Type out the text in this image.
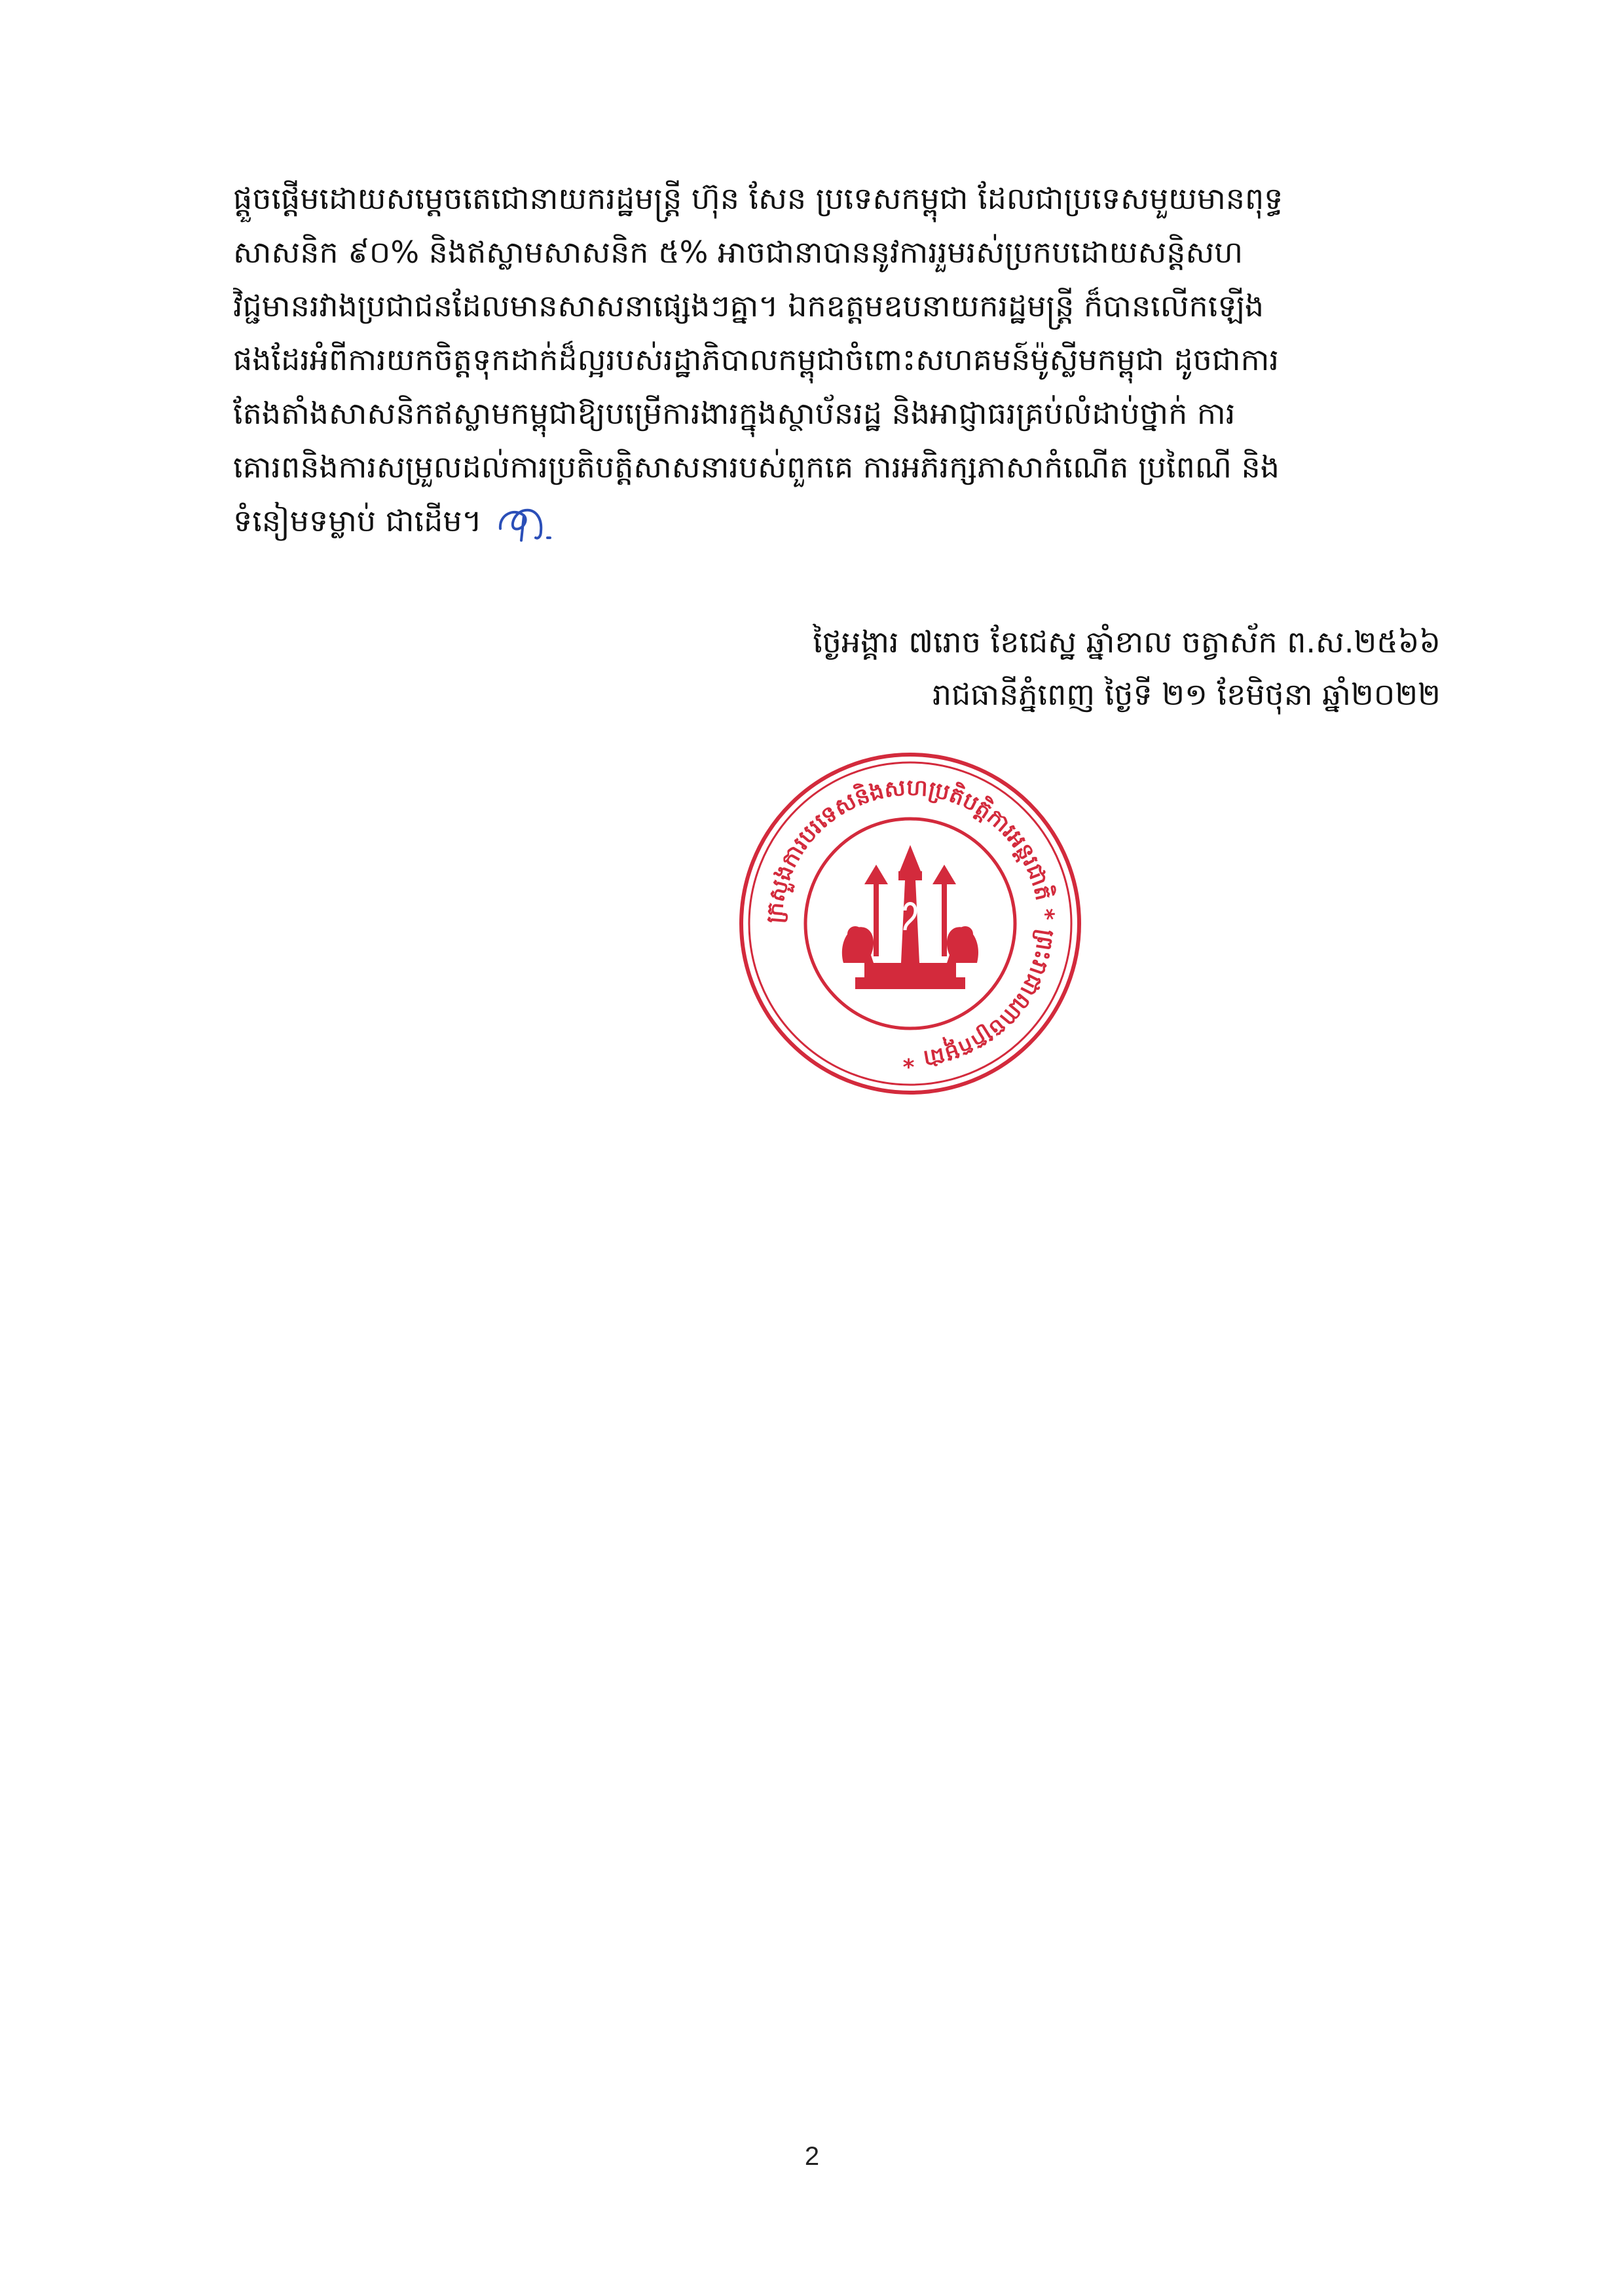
ផ្ដួចផ្ដើមដោយសម្ដេចតេជោនាយករដ្ឋមន្ត្រី ហ៊ុន សែន ប្រទេសកម្ពុជា ដែលជាប្រទេសមួយមានពុទ្ធ
សាសនិក ៩០% និងឥស្លាមសាសនិក ៥% អាចជានាបាននូវការរួមរស់ប្រកបដោយសន្តិសហ
វិជ្ជមានរវាងប្រជាជនដែលមានសាសនាផ្សេងៗគ្នា។ ឯកឧត្ដមឧបនាយករដ្ឋមន្ត្រី ក៏បានលើកឡើង
ផងដែរអំពីការយកចិត្តទុកដាក់ដ៏ល្អរបស់រដ្ឋាភិបាលកម្ពុជាចំពោះសហគមន៍ម៉ូស្លីមកម្ពុជា ដូចជាការ
តែងតាំងសាសនិកឥស្លាមកម្ពុជាឱ្យបម្រើការងារក្នុងស្ថាប័នរដ្ឋ និងអាជ្ញាធរគ្រប់លំដាប់ថ្នាក់ ការ
គោរពនិងការសម្រួលដល់ការប្រតិបត្តិសាសនារបស់ពួកគេ ការអភិរក្សភាសាកំណើត ប្រពៃណី និង
ទំនៀមទម្លាប់ ជាដើម។
ថ្ងៃអង្គារ ៧រោច ខែជេស្ឋ ឆ្នាំខាល ចត្វាស័ក ព.ស.២៥៦៦
រាជធានីភ្នំពេញ ថ្ងៃទី ២១ ខែមិថុនា ឆ្នាំ២០២២
ក្រសួងការបរទេសនិងសហប្រតិបត្តិការអន្តរជាតិ * ព្រះរាជាណាចក្រកម្ពុជា *
2
